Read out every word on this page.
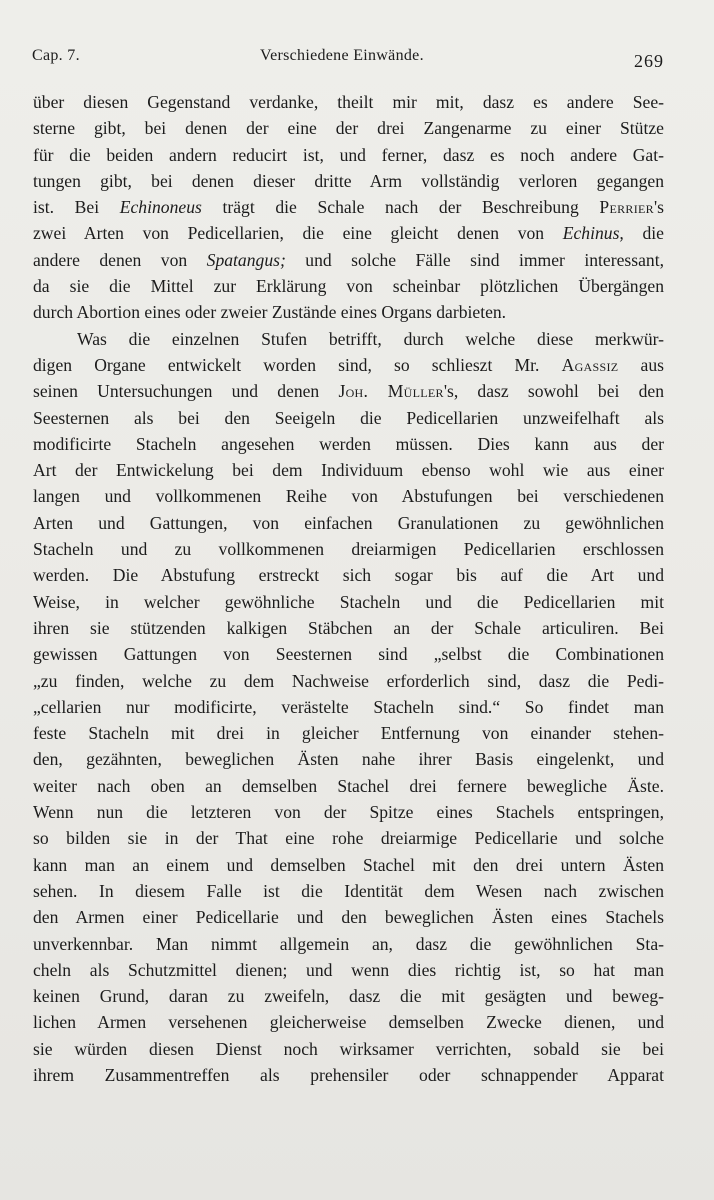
Cap. 7.	Verschiedene Einwände.	269
über diesen Gegenstand verdanke, theilt mir mit, dasz es andere See-
sterne gibt, bei denen der eine der drei Zangenarme zu einer Stütze
für die beiden andern reducirt ist, und ferner, dasz es noch andere Gat-
tungen gibt, bei denen dieser dritte Arm vollständig verloren gegangen
ist. Bei Echinoneus trägt die Schale nach der Beschreibung Perrier's
zwei Arten von Pedicellarien, die eine gleicht denen von Echinus, die
andere denen von Spatangus; und solche Fälle sind immer interessant,
da sie die Mittel zur Erklärung von scheinbar plötzlichen Übergängen
durch Abortion eines oder zweier Zustände eines Organs darbieten.
Was die einzelnen Stufen betrifft, durch welche diese merkwür-
digen Organe entwickelt worden sind, so schlieszt Mr. Agassiz aus
seinen Untersuchungen und denen Joh. Müller's, dasz sowohl bei den
Seesternen als bei den Seeigeln die Pedicellarien unzweifelhaft als
modificirte Stacheln angesehen werden müssen. Dies kann aus der
Art der Entwickelung bei dem Individuum ebenso wohl wie aus einer
langen und vollkommenen Reihe von Abstufungen bei verschiedenen
Arten und Gattungen, von einfachen Granulationen zu gewöhnlichen
Stacheln und zu vollkommenen dreiarmigen Pedicellarien erschlossen
werden. Die Abstufung erstreckt sich sogar bis auf die Art und
Weise, in welcher gewöhnliche Stacheln und die Pedicellarien mit
ihren sie stützenden kalkigen Stäbchen an der Schale articuliren. Bei
gewissen Gattungen von Seesternen sind „selbst die Combinationen
„zu finden, welche zu dem Nachweise erforderlich sind, dasz die Pedi-
„cellarien nur modificirte, verästelte Stacheln sind.“ So findet man
feste Stacheln mit drei in gleicher Entfernung von einander stehen-
den, gezähnten, beweglichen Ästen nahe ihrer Basis eingelenkt, und
weiter nach oben an demselben Stachel drei fernere bewegliche Äste.
Wenn nun die letzteren von der Spitze eines Stachels entspringen,
so bilden sie in der That eine rohe dreiarmige Pedicellarie und solche
kann man an einem und demselben Stachel mit den drei untern Ästen
sehen. In diesem Falle ist die Identität dem Wesen nach zwischen
den Armen einer Pedicellarie und den beweglichen Ästen eines Stachels
unverkennbar. Man nimmt allgemein an, dasz die gewöhnlichen Sta-
cheln als Schutzmittel dienen; und wenn dies richtig ist, so hat man
keinen Grund, daran zu zweifeln, dasz die mit gesägten und beweg-
lichen Armen versehenen gleicherweise demselben Zwecke dienen, und
sie würden diesen Dienst noch wirksamer verrichten, sobald sie bei
ihrem Zusammentreffen als prehensiler oder schnappender Apparat
